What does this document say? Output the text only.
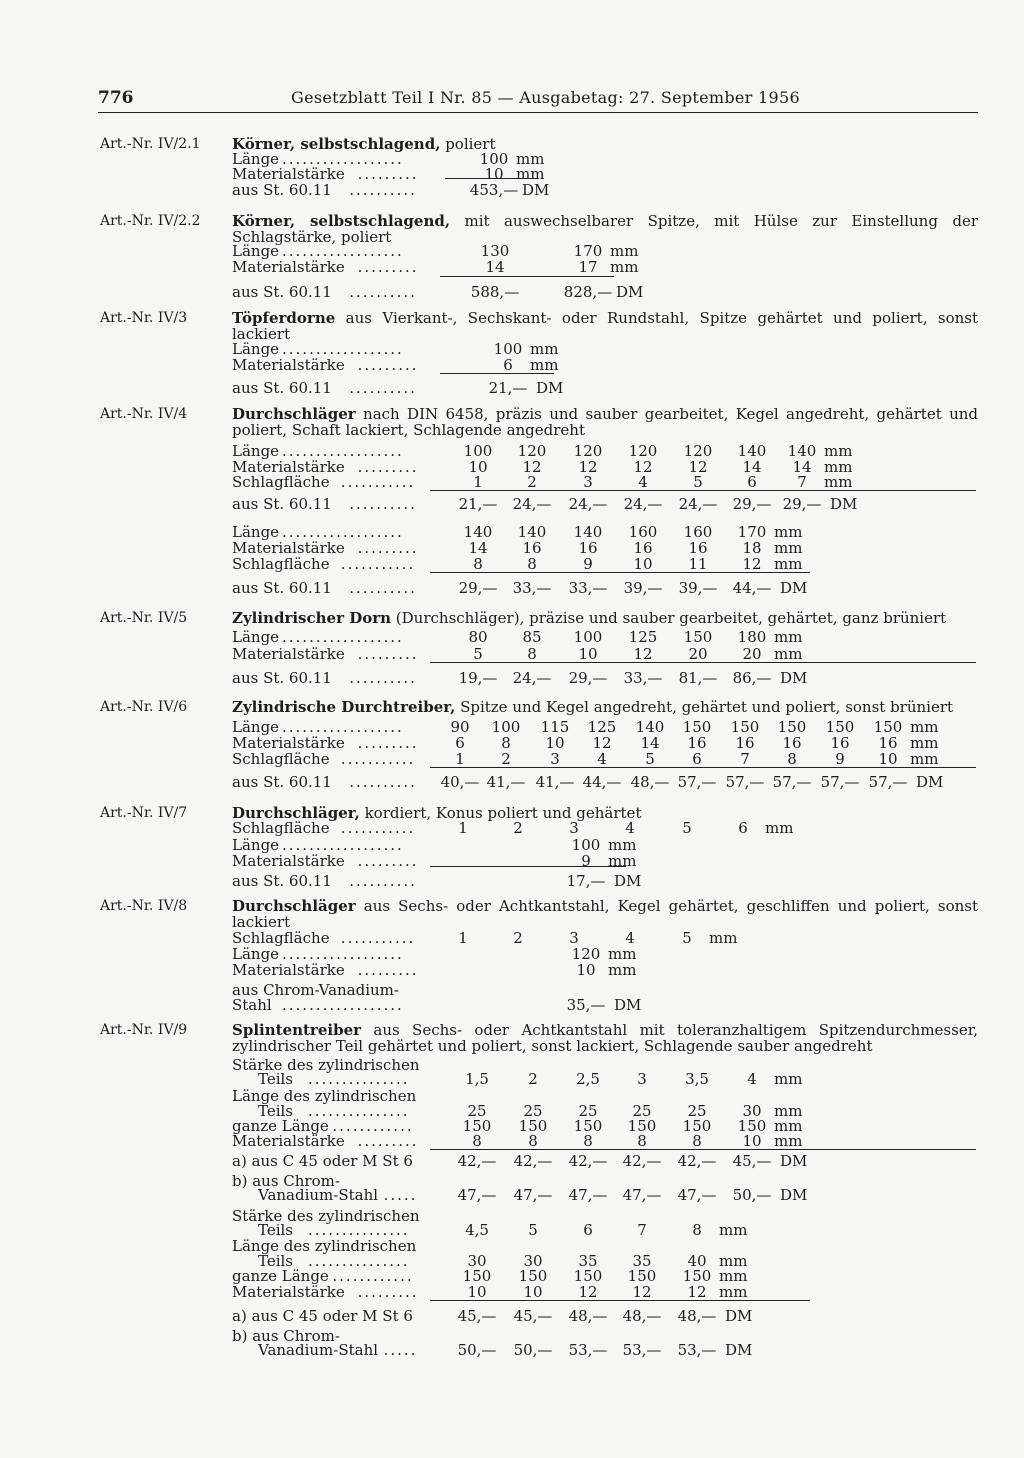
776	Gesetzblatt Teil I Nr. 85 — Ausgabetag: 27. September 1956
Art.-Nr. IV/2.1 Körner, selbstschlagend, poliert
Länge ..................	100 mm
Materialstärke .........	10 mm
aus St. 60.11	..........	453,— DM
Art.-Nr. IV/2.2 Körner, selbstschlagend, mit auswechselbarer Spitze, mit Hülse zur Einstellung der Schlagstärke, poliert
Länge ..................	130	170 mm
Materialstärke .........	14	17 mm
aus St. 60.11	..........	588,—	828,— DM
Art.-Nr. IV/3	Töpferdorne aus Vierkant-, Sechskant- oder Rundstahl, Spitze gehärtet und poliert, sonst lackiert
Länge ..................	100 mm
Materialstärke .........	6	mm
aus St. 60.11	..........	21,— DM
Art.-Nr. IV/4	Durchschläger nach DIN 6458, präzis und sauber gearbeitet, Kegel angedreht, gehärtet und poliert, Schaft lackiert, Schlagende angedreht
Länge ..................	100	120	120	120	120	140	140 mm
Materialstärke .........	10	12	12	12	12	14	14 mm
Schlagfläche ...........	1	2	3	4	5	6	7	mm
aus St. 60.11	..........	21,—	24,—	24,—	24,—	24,—	29,— 29,— DM
Länge ..................	140	140	140	160	160	170 mm
Materialstärke .........	14	16	16	16	16	18 mm
Schlagfläche ...........	8	8	9	10	11	12 mm
aus St. 60.11	..........	29,—	33,—	33,—	39,—	39,—	44,— DM
Art.-Nr. IV/5	Zylindrischer Dorn (Durchschläger), präzise und sauber gearbeitet, gehärtet, ganz brüniert
Länge ..................	80	85	100	125	150	180 mm
Materialstärke .........	5	8	10	12	20	20 mm
aus St. 60.11	..........	19,—	24,—	29,—	33,—	81,—	86,— DM
Art.-Nr. IV/6	Zylindrische Durchtreiber, Spitze und Kegel angedreht, gehärtet und poliert, sonst brüniert
Länge ..................	90	100	115	125	140	150	150	150	150	150 mm
Materialstärke .........	6	8	10	12	14	16	16	16	16	16 mm
Schlagfläche ...........	1	2	3	4	5	6	7	8	9	10 mm
aus St. 60.11	..........	40,— 41,— 41,— 44,— 48,— 57,— 57,— 57,— 57,— 57,— DM
Art.-Nr. IV/7	Durchschläger, kordiert, Konus poliert und gehärtet
Schlagfläche ...........	1	2	3	4	5	6	mm
Länge ..................	100 mm
Materialstärke .........	9	mm
aus St. 60.11	..........	17,— DM
Art.-Nr. IV/8	Durchschläger aus Sechs- oder Achtkantstahl, Kegel gehärtet, geschliffen und poliert, sonst lackiert
Schlagfläche ...........	1	2	3	4	5	mm
Länge ..................	120 mm
Materialstärke .........	10 mm
aus Chrom-Vanadium-
Stahl ..................	35,— DM
Art.-Nr. IV/9	Splintentreiber aus Sechs- oder Achtkantstahl mit toleranzhaltigem Spitzendurchmesser, zylindrischer Teil gehärtet und poliert, sonst lackiert, Schlagende sauber angedreht
Stärke des zylindrischen
Teils ...............	1,5	2	2,5	3	3,5	4	mm
Länge des zylindrischen
Teils ...............	25	25	25	25	25	30 mm
ganze Länge ............	150	150	150	150	150	150 mm
Materialstärke .........	8	8	8	8	8	10 mm
a) aus C 45 oder M St 6	42,—	42,—	42,—	42,—	42,—	45,— DM
b) aus Chrom-
Vanadium-Stahl .....	47,—	47,—	47,—	47,—	47,—	50,— DM
Stärke des zylindrischen
Teils ...............	4,5	5	6	7	8	mm
Länge des zylindrischen
Teils ...............	30	30	35	35	40 mm
ganze Länge ............	150	150	150	150	150 mm
Materialstärke .........	10	10	12	12	12 mm
a) aus C 45 oder M St 6	45,—	45,—	48,—	48,—	48,— DM
b) aus Chrom-
Vanadium-Stahl .....	50,—	50,—	53,—	53,—	53,— DM
